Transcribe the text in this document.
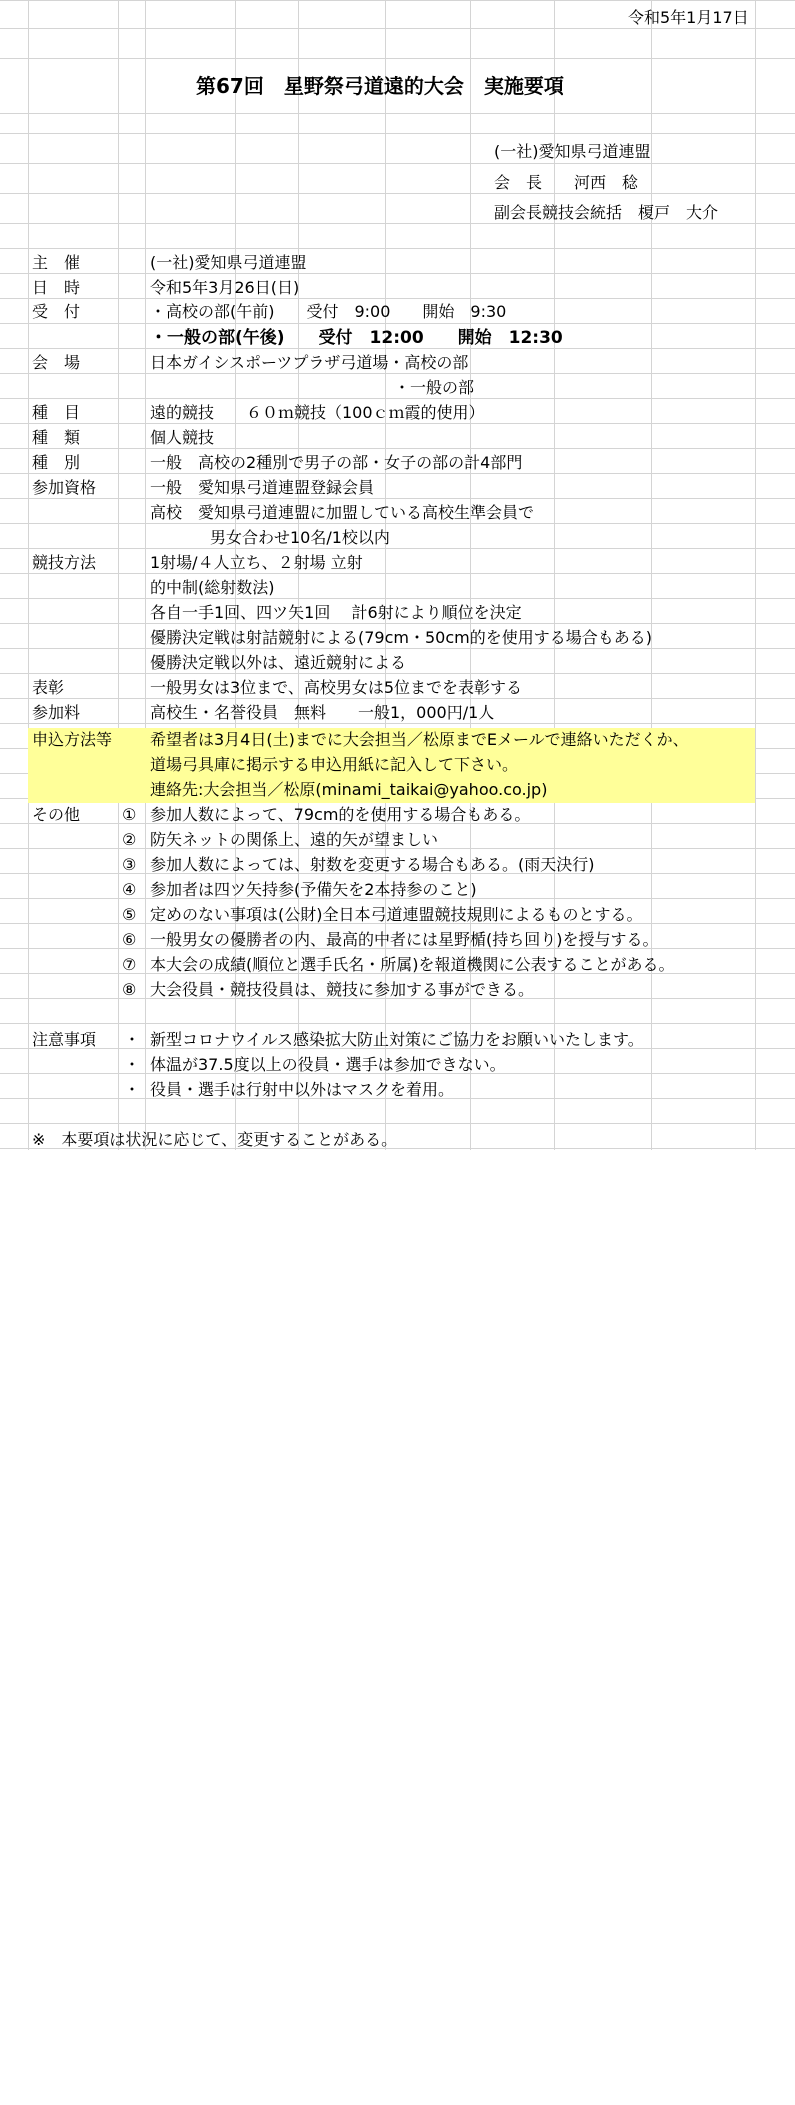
令和5年1月17日
第67回　星野祭弓道遠的大会　実施要項
(一社)愛知県弓道連盟
会　長　　河西　稔
副会長競技会統括　榎戸　大介
主　催	(一社)愛知県弓道連盟
日　時	令和5年3月26日(日)
受　付	・高校の部(午前)　　受付　9:00　　開始　9:30
・一般の部(午後)　　受付　12:00　　開始　12:30
会　場	日本ガイシスポーツプラザ弓道場・高校の部
・一般の部
種　目	遠的競技　　６０ｍ競技（100ｃｍ霞的使用）
種　類	個人競技
種　別	一般　高校の2種別で男子の部・女子の部の計4部門
参加資格	一般　愛知県弓道連盟登録会員
高校　愛知県弓道連盟に加盟している高校生準会員で
男女合わせ10名/1校以内
競技方法	1射場/４人立ち、２射場 立射
的中制(総射数法)
各自一手1回、四ツ矢1回　 計6射により順位を決定
優勝決定戦は射詰競射による(79cm・50cm的を使用する場合もある)
優勝決定戦以外は、遠近競射による
表彰	一般男女は3位まで、高校男女は5位までを表彰する
参加料	高校生・名誉役員　無料　　一般1，000円/1人
申込方法等 希望者は3月4日(土)までに大会担当／松原までEメールで連絡いただくか、
道場弓具庫に掲示する申込用紙に記入して下さい。
連絡先:大会担当／松原(minami_taikai@yahoo.co.jp)
その他	① 参加人数によって、79cm的を使用する場合もある。
② 防矢ネットの関係上、遠的矢が望ましい
③ 参加人数によっては、射数を変更する場合もある。(雨天決行)
④ 参加者は四ツ矢持参(予備矢を2本持参のこと)
⑤ 定めのない事項は(公財)全日本弓道連盟競技規則によるものとする。
⑥ 一般男女の優勝者の内、最高的中者には星野楯(持ち回り)を授与する。
⑦ 本大会の成績(順位と選手氏名・所属)を報道機関に公表することがある。
⑧ 大会役員・競技役員は、競技に参加する事ができる。
注意事項 ・ 新型コロナウイルス感染拡大防止対策にご協力をお願いいたします。
・ 体温が37.5度以上の役員・選手は参加できない。
・ 役員・選手は行射中以外はマスクを着用。
※　本要項は状況に応じて、変更することがある。
